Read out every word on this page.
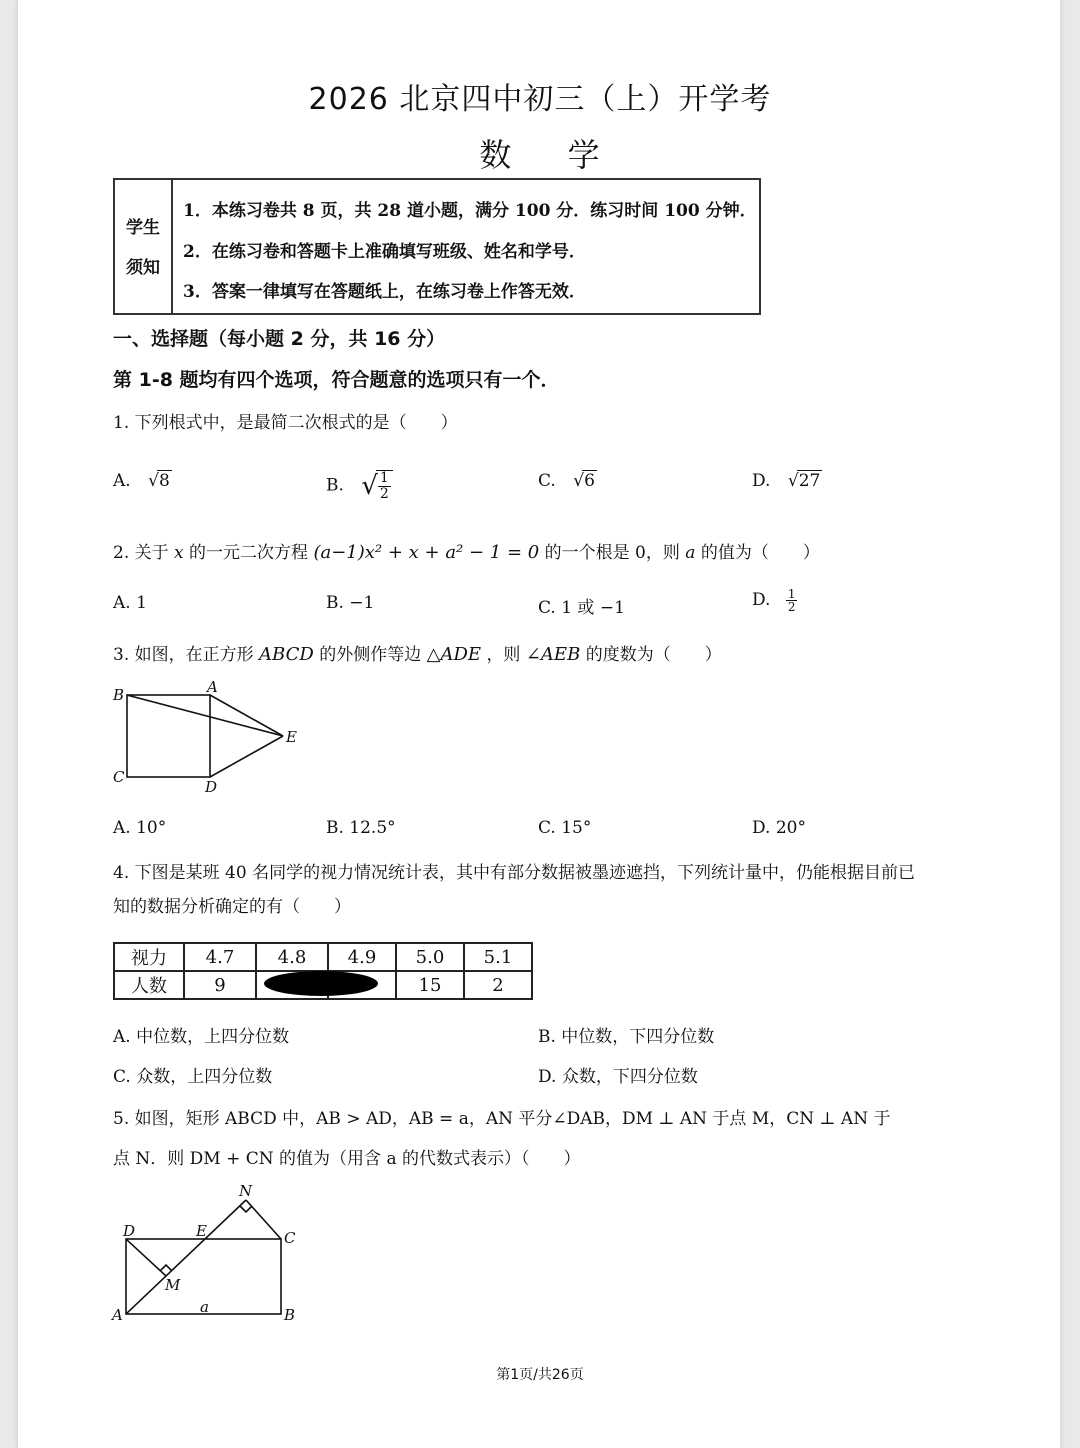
2026 北京四中初三（上）开学考
数 学
学生
须知
1．本练习卷共 8 页，共 28 道小题，满分 100 分．练习时间 100 分钟．
2．在练习卷和答题卡上准确填写班级、姓名和学号．
3．答案一律填写在答题纸上，在练习卷上作答无效．
一、选择题（每小题 2 分，共 16 分）
第 1-8 题均有四个选项，符合题意的选项只有一个．
1. 下列根式中，是最简二次根式的是（　　）
A. √8	B. √
$\frac{1}{2}$	C. √6	D. √27
2. 关于 x 的一元二次方程 (a−1)x² + x + a² − 1 = 0 的一个根是 0，则 a 的值为（　　）
A. 1	B. −1	C. 1 或 −1	D. $\frac{1}{2}$
3. 如图，在正方形 ABCD 的外侧作等边 △ADE ，则 ∠AEB 的度数为（　　）
B	A
E
C
D
A. 10°	B. 12.5°	C. 15°	D. 20°
4. 下图是某班 40 名同学的视力情况统计表，其中有部分数据被墨迹遮挡，下列统计量中，仍能根据目前已
知的数据分析确定的有（　　）
视力	4.7	4.8	4.9	5.0	5.1
人数	9			15	2
A. 中位数，上四分位数	B. 中位数，下四分位数
C. 众数，上四分位数	D. 众数，下四分位数
5. 如图，矩形 ABCD 中，AB > AD，AB = a，AN 平分∠DAB，DM ⊥ AN 于点 M，CN ⊥ AN 于
点 N．则 DM + CN 的值为（用含 a 的代数式表示）（　　）
N
D	E	C
M
A	a	B
第1页/共26页
